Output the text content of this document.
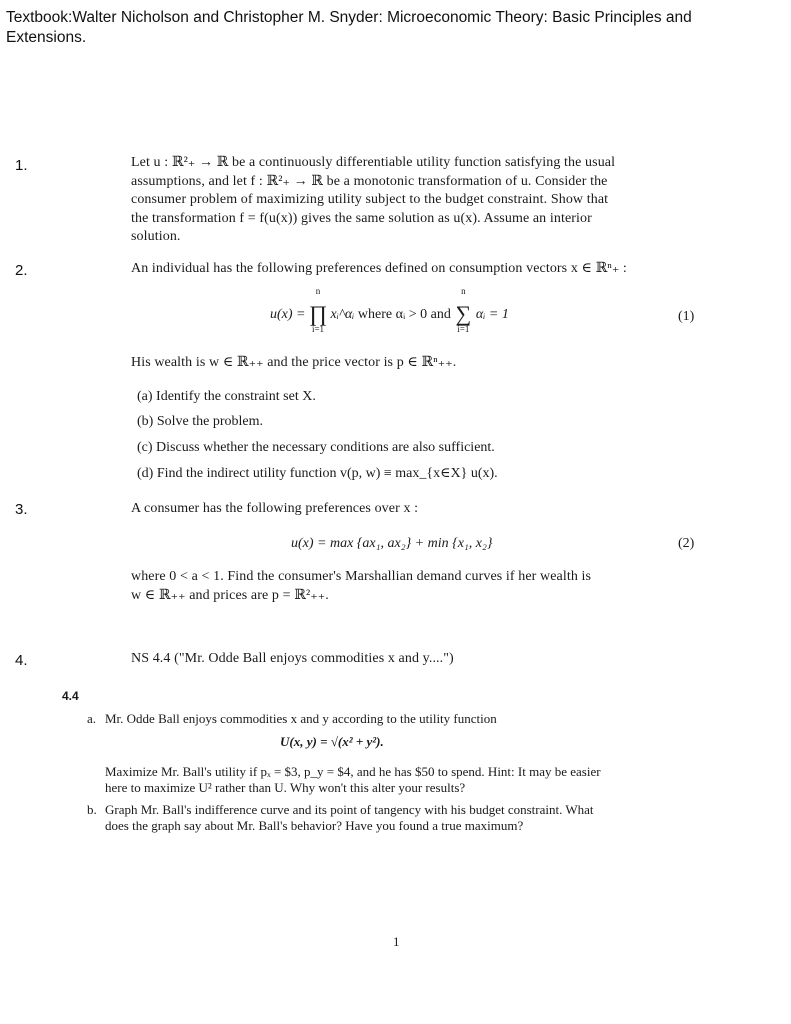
Textbook:Walter Nicholson and Christopher M. Snyder: Microeconomic Theory: Basic Principles and Extensions.
1.	Let u : ℝ²₊ → ℝ be a continuously differentiable utility function satisfying the usual
assumptions, and let f : ℝ²₊ → ℝ be a monotonic transformation of u. Consider the
consumer problem of maximizing utility subject to the budget constraint. Show that
the transformation f = f(u(x)) gives the same solution as u(x). Assume an interior
solution.
2.	An individual has the following preferences defined on consumption vectors x ∈ ℝⁿ₊ :
u(x) =
n
∏
i=1
xᵢ^αᵢ where αᵢ > 0 and
n
∑
i=1
αᵢ = 1	(1)
His wealth is w ∈ ℝ₊₊ and the price vector is p ∈ ℝⁿ₊₊.
(a) Identify the constraint set X.
(b) Solve the problem.
(c) Discuss whether the necessary conditions are also sufficient.
(d) Find the indirect utility function v(p, w) ≡ max_{x∈X} u(x).
3.	A consumer has the following preferences over x :
u(x) = max {ax₁, ax₂} + min {x₁, x₂}	(2)
where 0 < a < 1. Find the consumer's Marshallian demand curves if her wealth is
w ∈ ℝ₊₊ and prices are p = ℝ²₊₊.
4.	NS 4.4 ("Mr. Odde Ball enjoys commodities x and y....")
4.4
a. Mr. Odde Ball enjoys commodities x and y according to the utility function
U(x, y) = √(x² + y²).
Maximize Mr. Ball's utility if pₓ = $3, p_y = $4, and he has $50 to spend. Hint: It may be easier
here to maximize U² rather than U. Why won't this alter your results?
b. Graph Mr. Ball's indifference curve and its point of tangency with his budget constraint. What
does the graph say about Mr. Ball's behavior? Have you found a true maximum?
1
